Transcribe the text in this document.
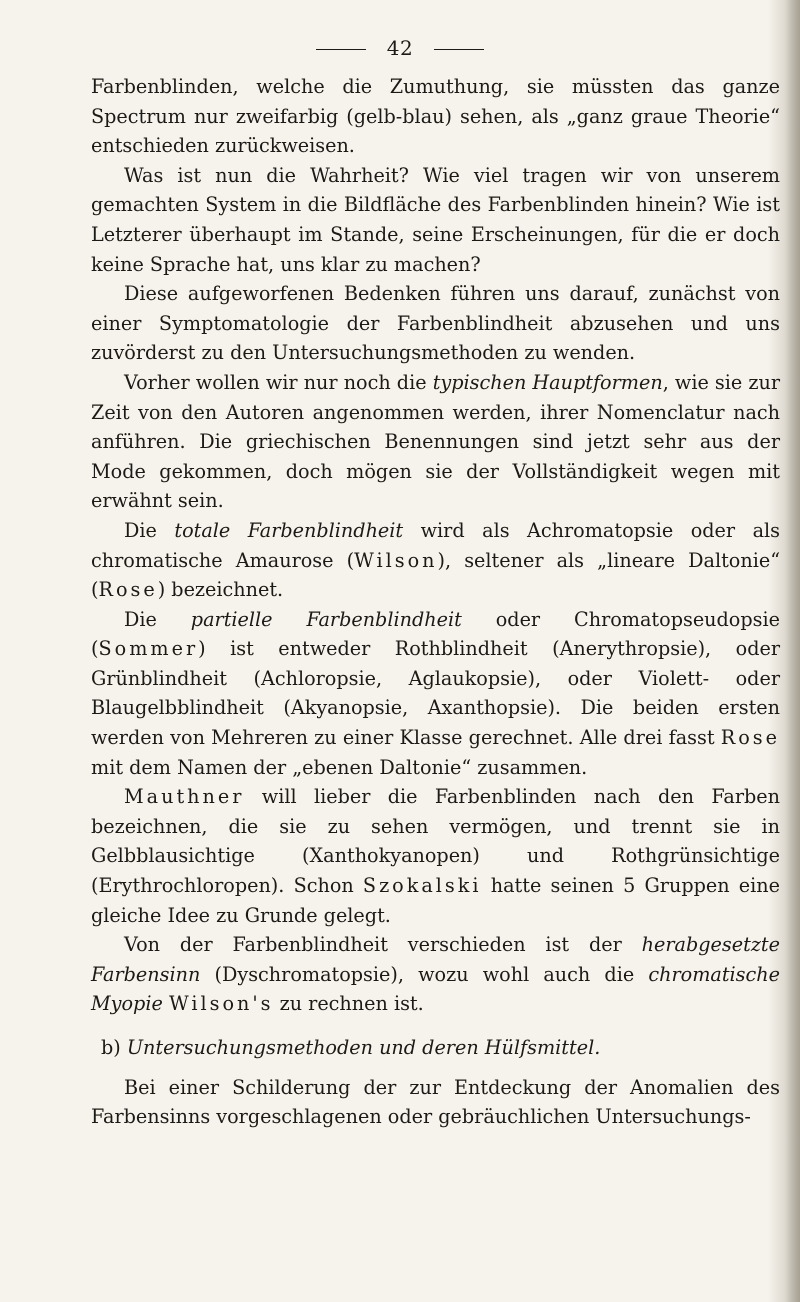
42

Farbenblinden, welche die Zumuthung, sie müssten das ganze Spectrum nur zweifarbig (gelb-blau) sehen, als „ganz graue Theorie“ entschieden zurückweisen.

Was ist nun die Wahrheit? Wie viel tragen wir von unserem gemachten System in die Bildfläche des Farbenblinden hinein? Wie ist Letzterer überhaupt im Stande, seine Erscheinungen, für die er doch keine Sprache hat, uns klar zu machen?

Diese aufgeworfenen Bedenken führen uns darauf, zunächst von einer Symptomatologie der Farbenblindheit abzusehen und uns zuvörderst zu den Untersuchungsmethoden zu wenden.

Vorher wollen wir nur noch die typischen Hauptformen, wie sie zur Zeit von den Autoren angenommen werden, ihrer Nomenclatur nach anführen. Die griechischen Benennungen sind jetzt sehr aus der Mode gekommen, doch mögen sie der Vollständigkeit wegen mit erwähnt sein.

Die totale Farbenblindheit wird als Achromatopsie oder als chromatische Amaurose (Wilson), seltener als „lineare Daltonie“ (Rose) bezeichnet.

Die partielle Farbenblindheit oder Chromatopseudopsie (Sommer) ist entweder Rothblindheit (Anerythropsie), oder Grünblindheit (Achloropsie, Aglaukopsie), oder Violett- oder Blaugelbblindheit (Akyanopsie, Axanthopsie). Die beiden ersten werden von Mehreren zu einer Klasse gerechnet. Alle drei fasst Rose mit dem Namen der „ebenen Daltonie“ zusammen.

Mauthner will lieber die Farbenblinden nach den Farben bezeichnen, die sie zu sehen vermögen, und trennt sie in Gelbblausichtige (Xanthokyanopen) und Rothgrünsichtige (Erythrochloropen). Schon Szokalski hatte seinen 5 Gruppen eine gleiche Idee zu Grunde gelegt.

Von der Farbenblindheit verschieden ist der herabgesetzte Farbensinn (Dyschromatopsie), wozu wohl auch die chromatische Myopie Wilson's zu rechnen ist.

b) Untersuchungsmethoden und deren Hülfsmittel.

Bei einer Schilderung der zur Entdeckung der Anomalien des Farbensinns vorgeschlagenen oder gebräuchlichen Untersuchungs-
